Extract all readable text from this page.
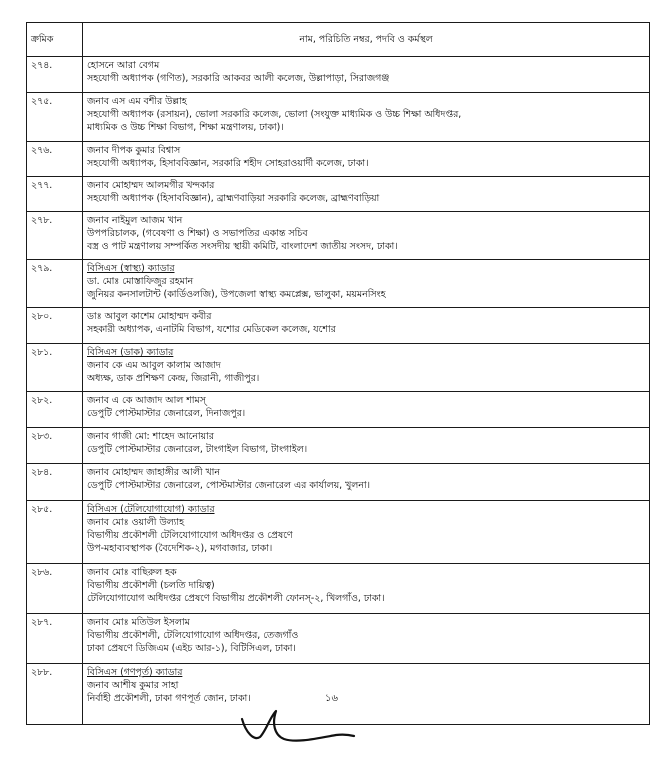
ক্রমিক	নাম, পরিচিতি নম্বর, পদবি ও কর্মস্থল
২৭৪.	হোসনে আরা বেগম
সহযোগী অধ্যাপক (গণিত), সরকারি আকবর আলী কলেজ, উল্লাপাড়া, সিরাজগঞ্জ

২৭৫.	জনাব এস এম বশীর উল্লাহ
সহযোগী অধ্যাপক (রসায়ন), ভোলা সরকারি কলেজ, ভোলা (সংযুক্ত মাধ্যমিক ও উচ্চ শিক্ষা অধিদপ্তর,
মাধ্যমিক ও উচ্চ শিক্ষা বিভাগ, শিক্ষা মন্ত্রণালয়, ঢাকা)।

২৭৬.	জনাব দীপক কুমার বিশ্বাস
সহযোগী অধ্যাপক, হিসাববিজ্ঞান, সরকারি শহীদ সোহরাওয়ার্দী কলেজ, ঢাকা।

২৭৭.	জনাব মোহাম্মদ আলমগীর খন্দকার
সহযোগী অধ্যাপক (হিসাববিজ্ঞান), ব্রাহ্মণবাড়িয়া সরকারি কলেজ, ব্রাহ্মণবাড়িয়া

২৭৮.	জনাব নাইমুল আজম খান
উপপরিচালক, (গবেষণা ও শিক্ষা) ও সভাপতির একান্ত সচিব
বস্ত্র ও পাট মন্ত্রণালয় সম্পর্কিত সংসদীয় স্থায়ী কমিটি, বাংলাদেশ জাতীয় সংসদ, ঢাকা।

২৭৯.	বিসিএস (স্বাস্থ্য) ক্যাডার
ডা. মোঃ মোস্তাফিজুর রহমান
জুনিয়র কনসালটান্ট (কার্ডিওলজি), উপজেলা স্বাস্থ্য কমপ্লেক্স, ভালুকা, ময়মনসিংহ

২৮০.	ডাঃ আবুল কাশেম মোহাম্মদ কবীর
সহকারী অধ্যাপক, এনাটমি বিভাগ, যশোর মেডিকেল কলেজ, যশোর

২৮১.	বিসিএস (ডাক) ক্যাডার
জনাব কে এম আবুল কালাম আজাদ
অধ্যক্ষ, ডাক প্রশিক্ষণ কেন্দ্র, জিরানী, গাজীপুর।

২৮২.	জনাব এ কে আজাদ আল শামস্
ডেপুটি পোস্টমাস্টার জেনারেল, দিনাজপুর।

২৮৩.	জনাব গাজী মো: শাহেদ আনোয়ার
ডেপুটি পোস্টমাস্টার জেনারেল, টাংগাইল বিভাগ, টাংগাইল।

২৮৪.	জনাব মোহাম্মদ জাহাঙ্গীর আলী খান
ডেপুটি পোস্টমাস্টার জেনারেল, পোস্টমাস্টার জেনারেল এর কার্যালয়, খুলনা।

২৮৫.	বিসিএস (টেলিযোগাযোগ) ক্যাডার
জনাব মোঃ ওয়ালী উল্যাহ
বিভাগীয় প্রকৌশলী টেলিযোগাযোগ অধিদপ্তর ও প্রেষণে
উপ-মহাব্যবস্থাপক (বৈদেশিক-২), মগবাজার, ঢাকা।

২৮৬.	জনাব মোঃ বাছিরুল হক
বিভাগীয় প্রকৌশলী (চলতি দায়িত্ব)
টেলিযোগাযোগ অধিদপ্তর প্রেষণে বিভাগীয় প্রকৌশলী ফোনস্-২, খিলগাঁও, ঢাকা।

২৮৭.	জনাব মোঃ মতিউল ইসলাম
বিভাগীয় প্রকৌশলী, টেলিযোগাযোগ অধিদপ্তর, তেজগাঁও
ঢাকা প্রেষণে ডিজিএম (এইচ আর-১), বিটিসিএল, ঢাকা।

২৮৮.	বিসিএস (গণপূর্ত) ক্যাডার
জনাব আশীষ কুমার সাহা
নির্বাহী প্রকৌশলী, ঢাকা গণপূর্ত জোন, ঢাকা।	১৬
